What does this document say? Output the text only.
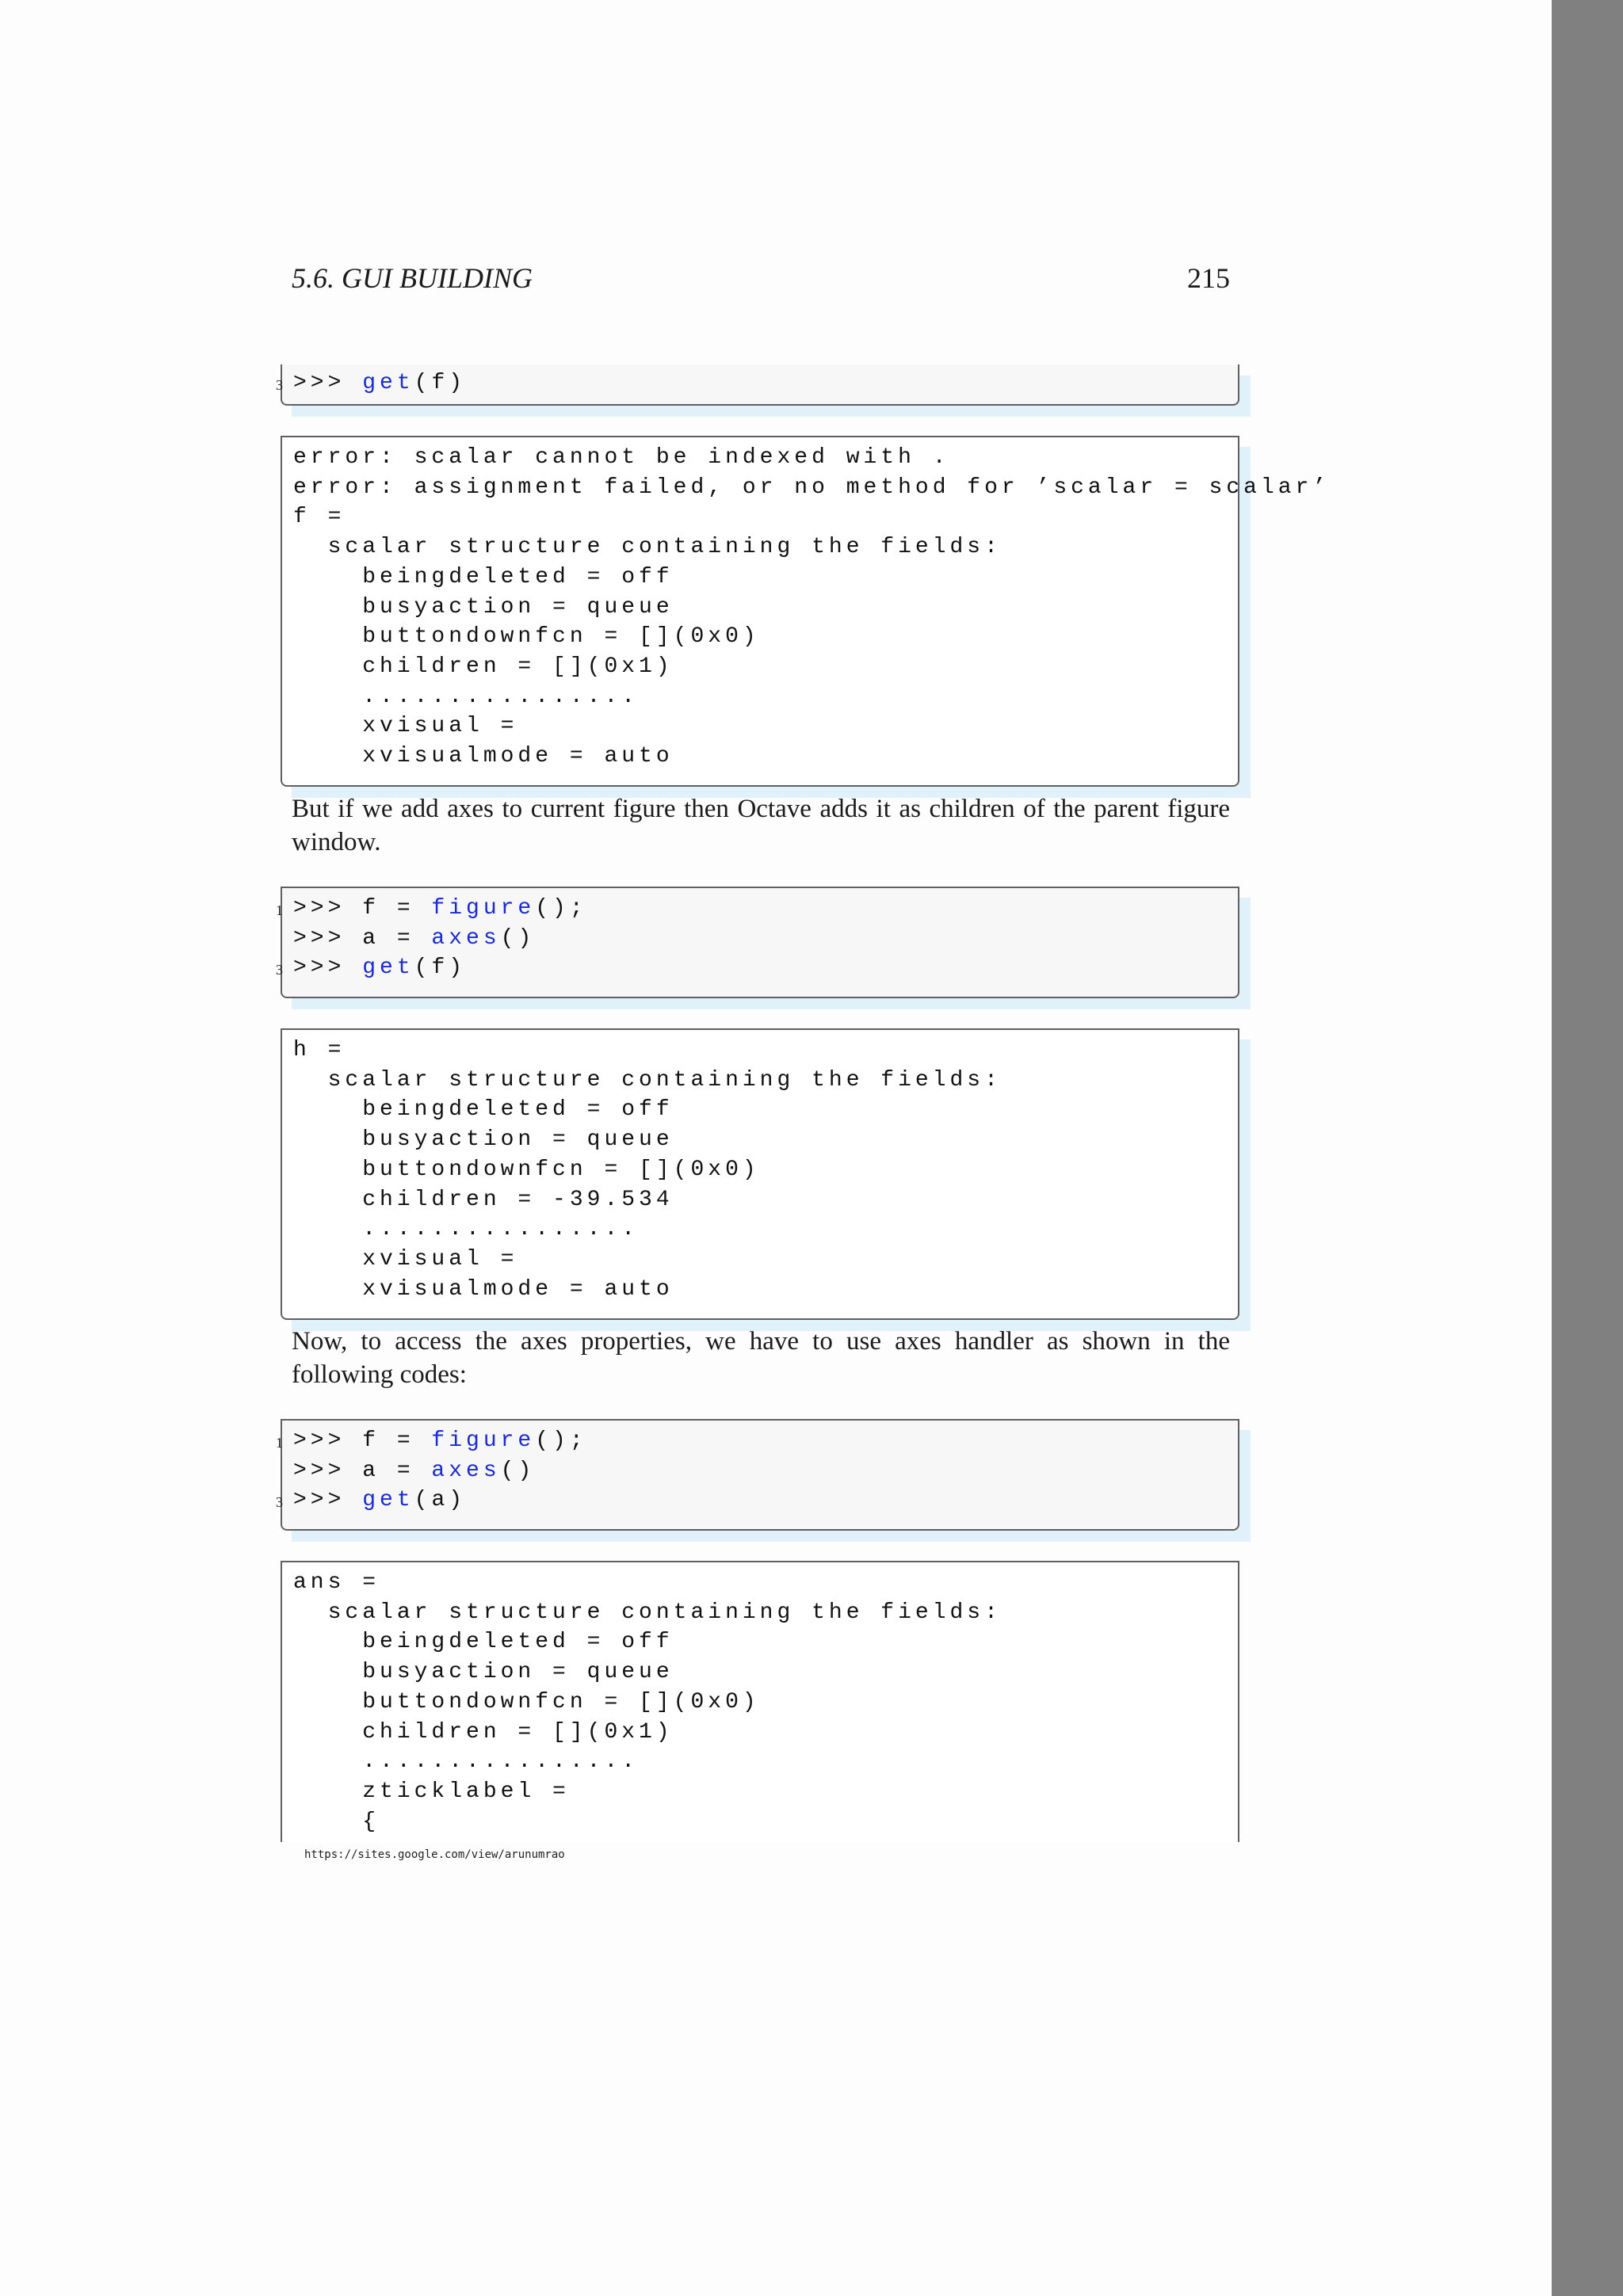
5.6. GUI BUILDING	215
3 >>> get(f)
error: scalar cannot be indexed with .
error: assignment failed, or no method for ’scalar = scalar’
f =
scalar structure containing the fields:
beingdeleted = off
busyaction = queue
buttondownfcn = [](0x0)
children = [](0x1)
................
xvisual =
xvisualmode = auto

But if we add axes to current figure then Octave adds it as children of the parent figure window.

1 >>> f = figure();
>>> a = axes()
3 >>> get(f)
h =
scalar structure containing the fields:
beingdeleted = off
busyaction = queue
buttondownfcn = [](0x0)
children = -39.534
................
xvisual =
xvisualmode = auto

Now, to access the axes properties, we have to use axes handler as shown in the following codes:

1 >>> f = figure();
>>> a = axes()
3 >>> get(a)
ans =
scalar structure containing the fields:
beingdeleted = off
busyaction = queue
buttondownfcn = [](0x0)
children = [](0x1)
................
zticklabel =
{
https://sites.google.com/view/arunumrao
